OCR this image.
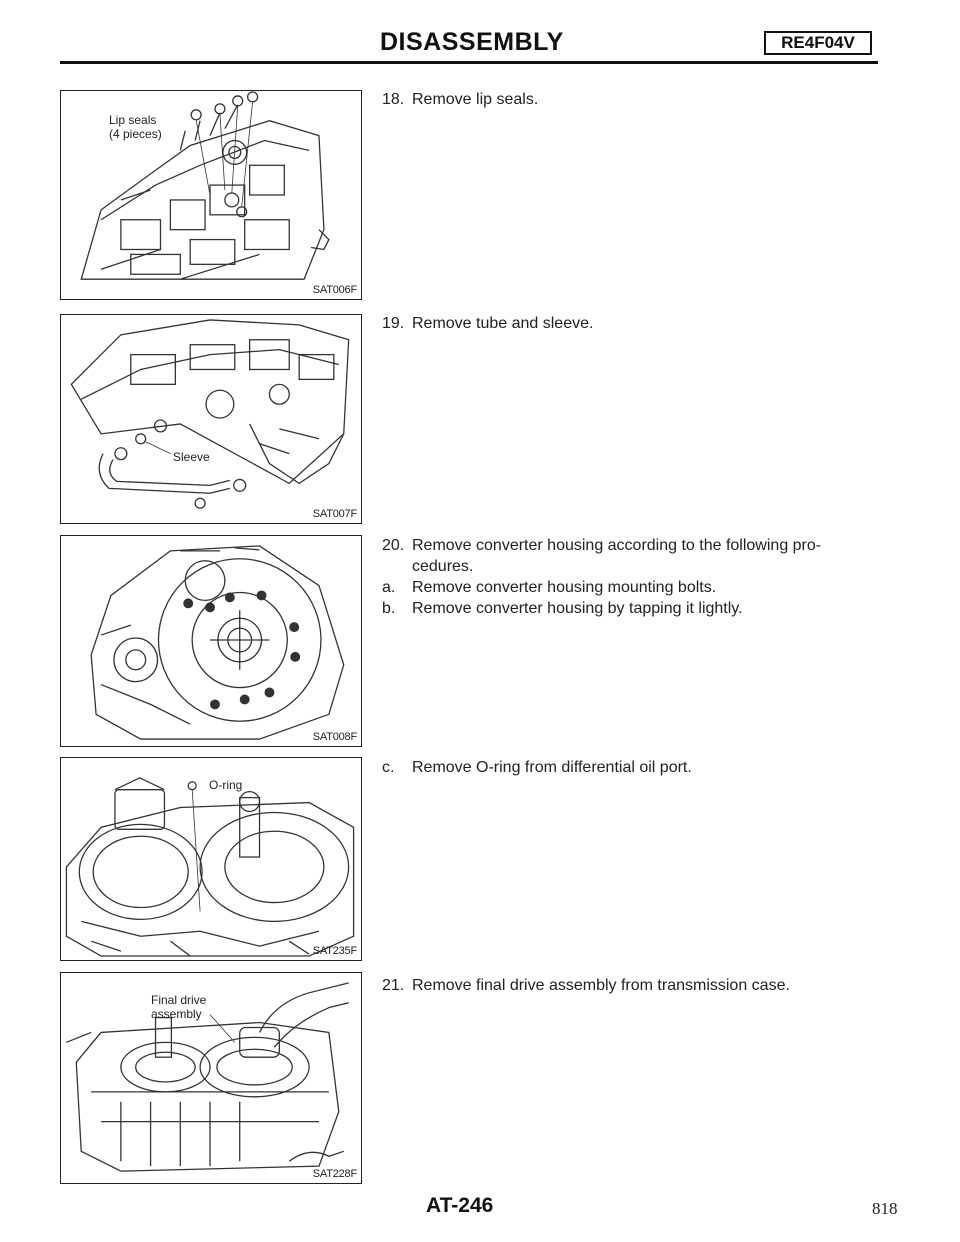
DISASSEMBLY	RE4F04V
Lip seals
(4 pieces)
SAT006F
Sleeve
SAT007F
SAT008F
O-ring
SAT235F
Final drive
assembly
SAT228F
18. Remove lip seals.
19. Remove tube and sleeve.
20. Remove converter housing according to the following pro-
cedures.
a. Remove converter housing mounting bolts.
b. Remove converter housing by tapping it lightly.
c. Remove O-ring from differential oil port.
21. Remove final drive assembly from transmission case.
AT-246	818
